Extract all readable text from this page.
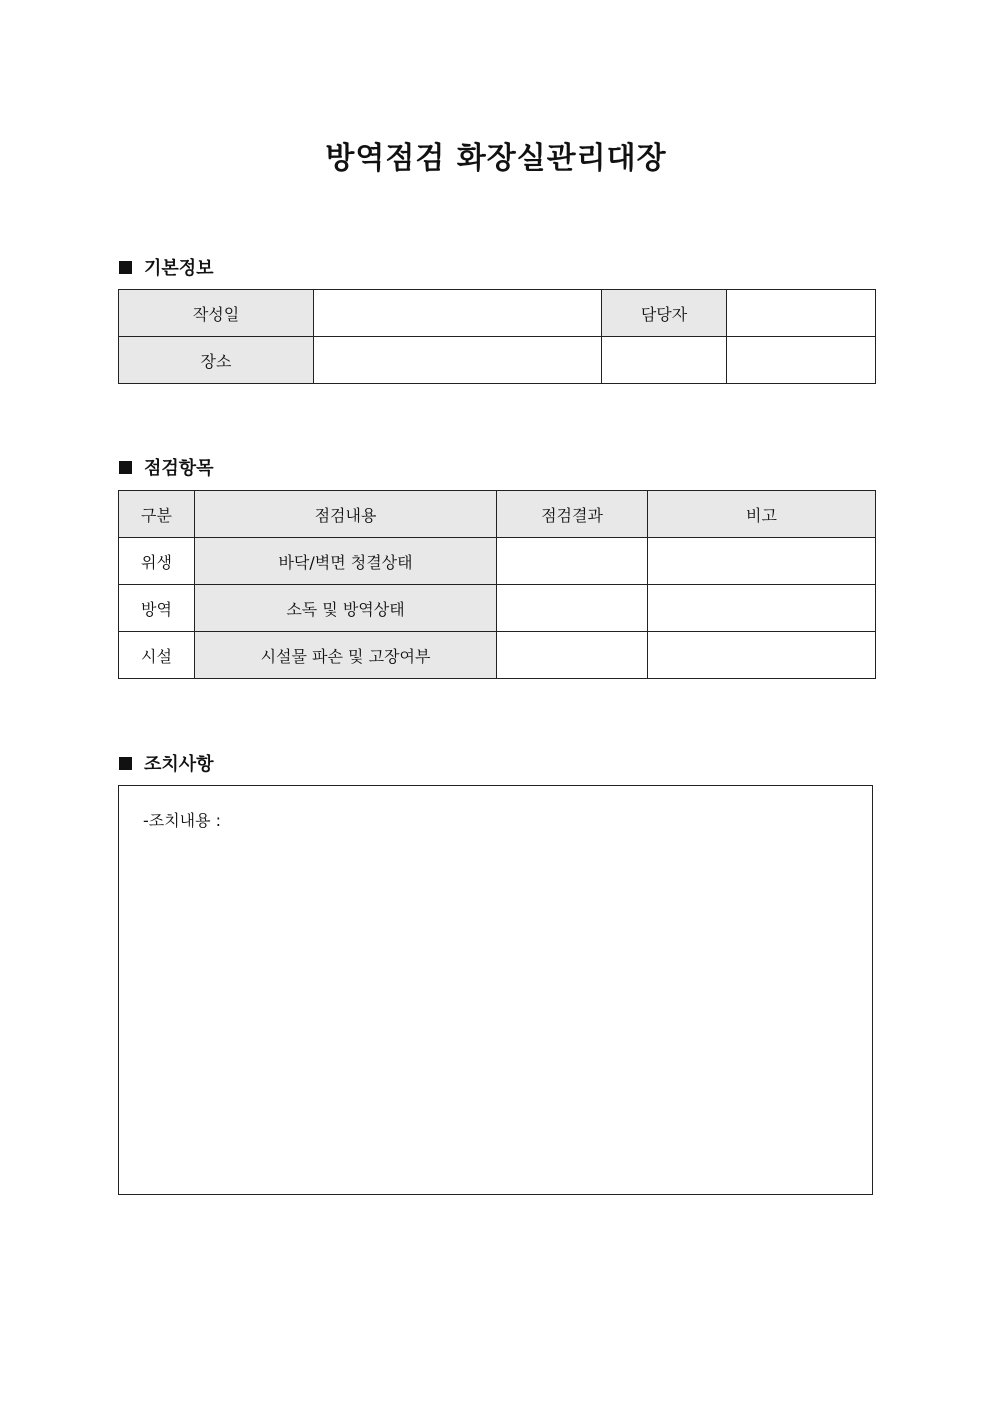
방역점검 화장실관리대장
기본정보
작성일		담당자	
장소			
점검항목
구분	점검내용	점검결과	비고
위생	바닥/벽면 청결상태		
방역	소독 및 방역상태		
시설	시설물 파손 및 고장여부		
조치사항
-조치내용 :
